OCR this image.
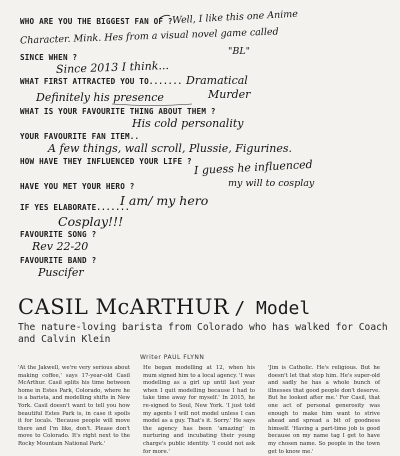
WHO ARE YOU THE BIGGEST FAN OF ?
SINCE WHEN ?
WHAT FIRST ATTRACTED YOU TO.......
WHAT IS YOUR FAVOURITE THING ABOUT THEM ?
YOUR FAVOURITE FAN ITEM..
HOW HAVE THEY INFLUENCED YOUR LIFE ?
HAVE YOU MET YOUR HERO ?
IF YES ELABORATE.......
FAVOURITE SONG ?
FAVOURITE BAND ?
Well, I like this one Anime
Character. Mink. Hes from a visual novel game called
"BL"
Since 2013 I think...
Dramatical
Murder
Definitely his presence
His cold personality
A few things, wall scroll, Plussie, Figurines.
I guess he influenced
my will to cosplay
I am/ my hero
Cosplay!!!
Rev 22-20
Puscifer
CASIL McARTHUR / Model
The nature-loving barista from Colorado who has walked for Coach and Calvin Klein
Writer PAUL FLYNN
'At the Jakwell, we're very serious about making coffee,' says 17-year-old Casil McArthur. Casil splits his time between home in Estes Park, Colorado, where he is a barista, and modelling shifts in New York. Casil doesn't want to tell you how beautiful Estes Park is, in case it spoils it for locals. 'Because people will move there and I'm like, don't. Please don't move to Colorado. It's right next to the Rocky Mountain National Park.'
He began modelling at 12, when his mum signed him to a local agency. 'I was modelling as a girl up until last year when I quit modelling because I had to take time away for myself.' In 2015, he re-signed to Soul, New York. 'I just told my agents I will not model unless I can model as a guy. That's it. Sorry.' He says the agency has been 'amazing' in nurturing and incubating their young charge's public identity. 'I could not ask for more.'
'Jim is Catholic. He's religious. But he doesn't let that stop him. He's super-old and sadly he has a whole bunch of illnesses that good people don't deserve. But he looked after me.' For Casil, that one act of personal generosity was enough to make him want to strive ahead and spread a bit of goodness himself. 'Having a part-time job is good because on my name tag I get to have my chosen name. So people in the town get to know me.'
